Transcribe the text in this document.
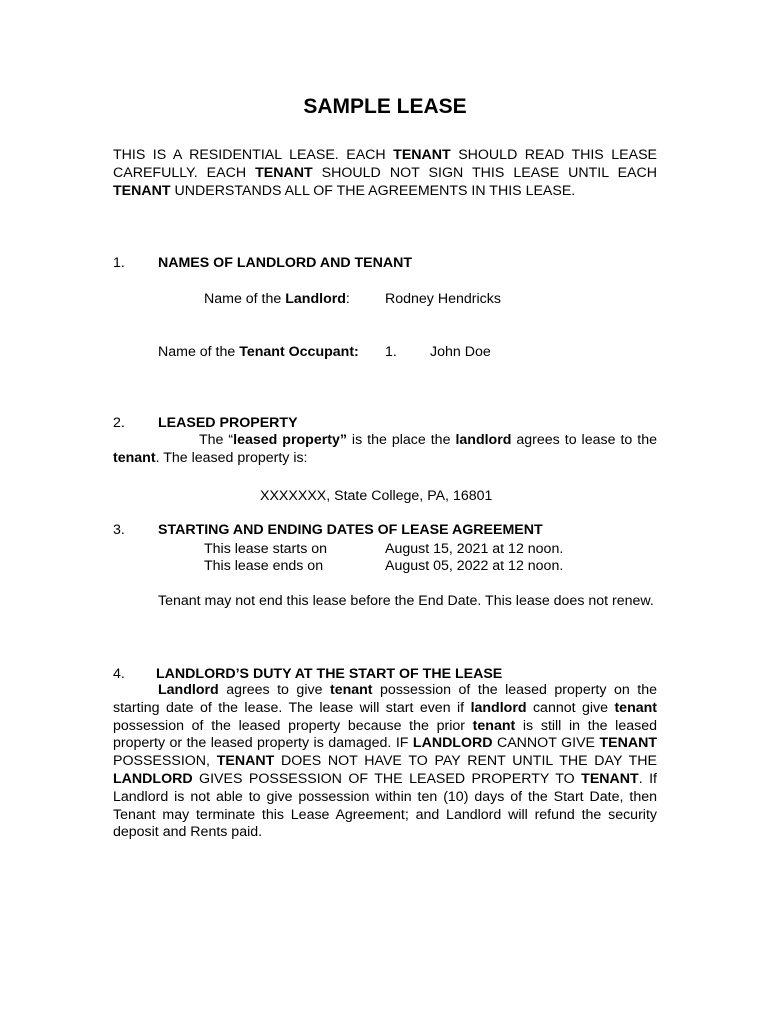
SAMPLE LEASE
THIS IS A RESIDENTIAL LEASE. EACH TENANT SHOULD READ THIS LEASE CAREFULLY. EACH TENANT SHOULD NOT SIGN THIS LEASE UNTIL EACH TENANT UNDERSTANDS ALL OF THE AGREEMENTS IN THIS LEASE.
1. NAMES OF LANDLORD AND TENANT
Name of the Landlord: Rodney Hendricks
Name of the Tenant Occupant: 1. John Doe
2. LEASED PROPERTY
The “leased property” is the place the landlord agrees to lease to the tenant. The leased property is:
XXXXXXX, State College, PA, 16801
3. STARTING AND ENDING DATES OF LEASE AGREEMENT
This lease starts on	August 15, 2021 at 12 noon.
This lease ends on	August 05, 2022 at 12 noon.
Tenant may not end this lease before the End Date. This lease does not renew.
4. LANDLORD’S DUTY AT THE START OF THE LEASE
Landlord agrees to give tenant possession of the leased property on the starting date of the lease. The lease will start even if landlord cannot give tenant possession of the leased property because the prior tenant is still in the leased property or the leased property is damaged. IF LANDLORD CANNOT GIVE TENANT POSSESSION, TENANT DOES NOT HAVE TO PAY RENT UNTIL THE DAY THE LANDLORD GIVES POSSESSION OF THE LEASED PROPERTY TO TENANT. If Landlord is not able to give possession within ten (10) days of the Start Date, then Tenant may terminate this Lease Agreement; and Landlord will refund the security deposit and Rents paid.
